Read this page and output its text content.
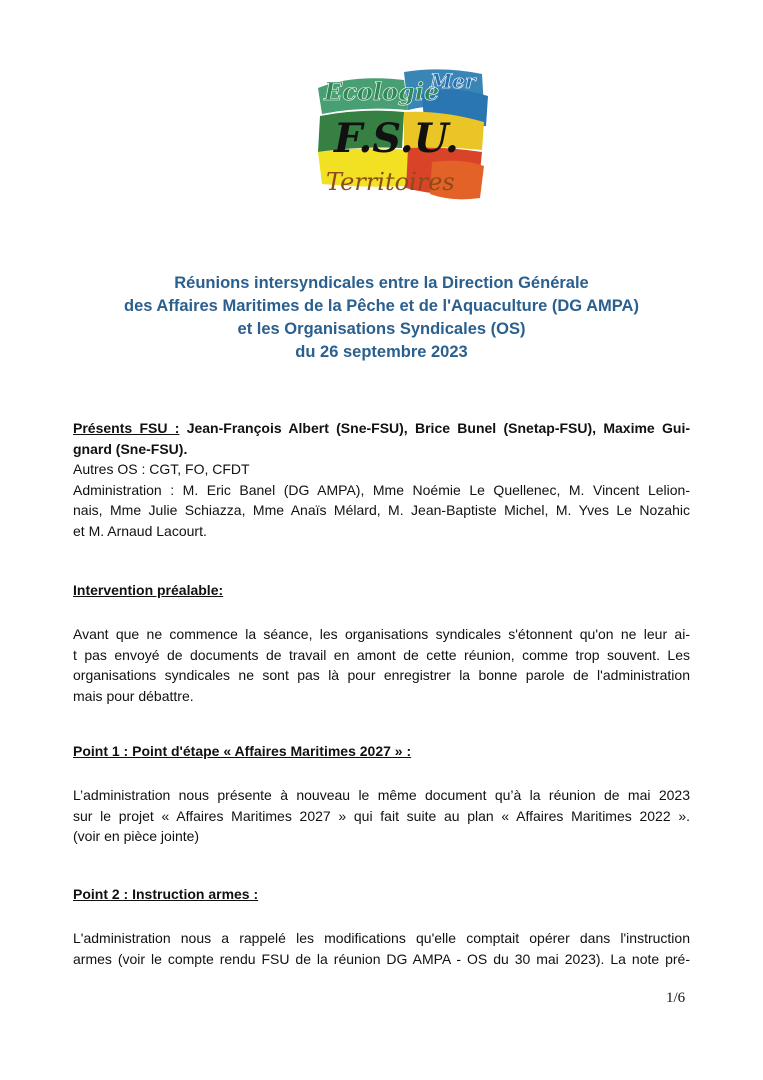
Ecologie
Mer
F.S.U.
Territoires
Réunions intersyndicales entre la Direction Générale
des Affaires Maritimes de la Pêche et de l'Aquaculture (DG AMPA)
et les Organisations Syndicales (OS)
du 26 septembre 2023
Présents FSU : Jean-François Albert (Sne-FSU), Brice Bunel (Snetap-FSU), Maxime Gui-
gnard (Sne-FSU).
Autres OS : CGT, FO, CFDT
Administration : M. Eric Banel (DG AMPA), Mme Noémie Le Quellenec, M. Vincent Lelion-
nais, Mme Julie Schiazza, Mme Anaïs Mélard, M. Jean-Baptiste Michel, M. Yves Le Nozahic
et M. Arnaud Lacourt.
Intervention préalable:
Avant que ne commence la séance, les organisations syndicales s'étonnent qu'on ne leur ai-
t pas envoyé de documents de travail en amont de cette réunion, comme trop souvent. Les
organisations syndicales ne sont pas là pour enregistrer la bonne parole de l'administration
mais pour débattre.
Point 1 : Point d'étape « Affaires Maritimes 2027 » :
L’administration nous présente à nouveau le même document qu’à la réunion de mai 2023
sur le projet « Affaires Maritimes 2027 » qui fait suite au plan « Affaires Maritimes 2022 ».
(voir en pièce jointe)
Point 2 : Instruction armes :
L'administration nous a rappelé les modifications qu'elle comptait opérer dans l'instruction
armes (voir le compte rendu FSU de la réunion DG AMPA - OS du 30 mai 2023). La note pré-
1/6
